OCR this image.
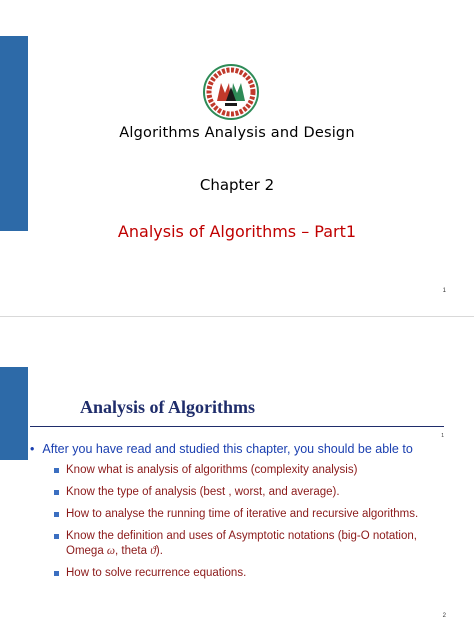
Algorithms Analysis and Design
Chapter 2
Analysis of Algorithms – Part1
1
Analysis of Algorithms
1
• After you have read and studied this chapter, you should be able to
Know what is analysis of algorithms (complexity analysis)
Know the type of analysis (best , worst, and average).
How to analyse the running time of iterative and recursive algorithms.
Know the definition and uses of Asymptotic notations (big-O notation, Omega ω, theta ϑ).
How to solve recurrence equations.
2
